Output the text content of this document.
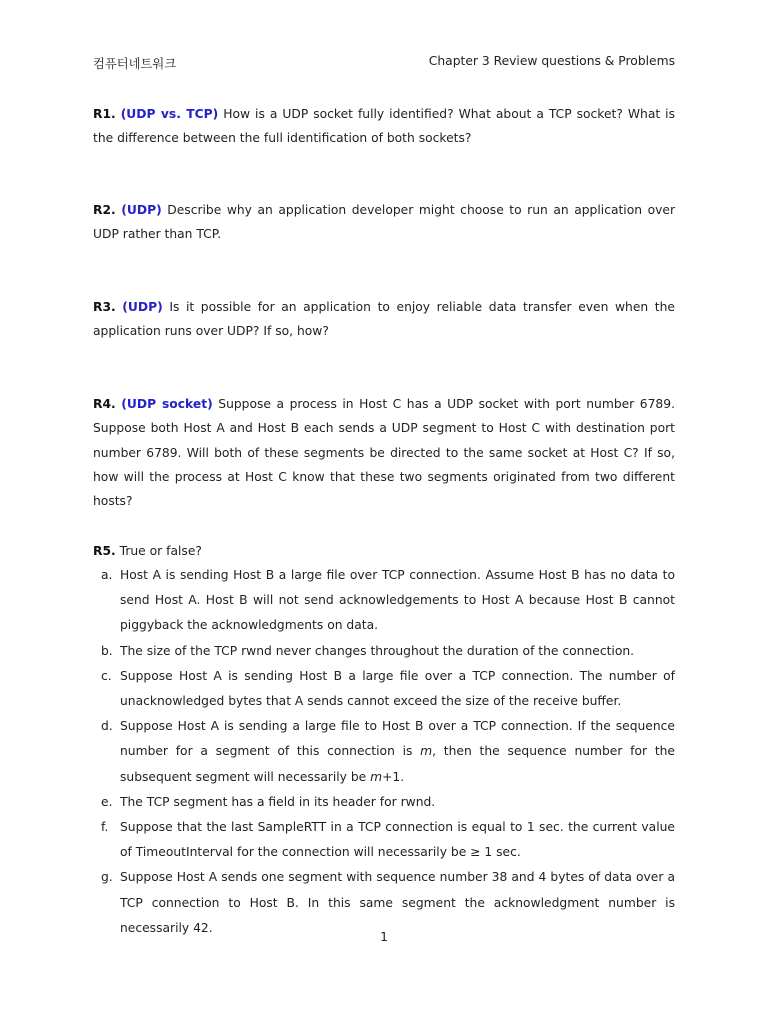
컴퓨터네트워크	Chapter 3 Review questions & Problems

R1. (UDP vs. TCP) How is a UDP socket fully identified? What about a TCP socket? What is the difference between the full identification of both sockets?

R2. (UDP) Describe why an application developer might choose to run an application over UDP rather than TCP.

R3. (UDP) Is it possible for an application to enjoy reliable data transfer even when the application runs over UDP? If so, how?

R4. (UDP socket) Suppose a process in Host C has a UDP socket with port number 6789. Suppose both Host A and Host B each sends a UDP segment to Host C with destination port number 6789. Will both of these segments be directed to the same socket at Host C? If so, how will the process at Host C know that these two segments originated from two different hosts?

R5. True or false?
a. Host A is sending Host B a large file over TCP connection. Assume Host B has no data to send Host A. Host B will not send acknowledgements to Host A because Host B cannot piggyback the acknowledgments on data.
b. The size of the TCP rwnd never changes throughout the duration of the connection.
c. Suppose Host A is sending Host B a large file over a TCP connection. The number of unacknowledged bytes that A sends cannot exceed the size of the receive buffer.
d. Suppose Host A is sending a large file to Host B over a TCP connection. If the sequence number for a segment of this connection is m, then the sequence number for the subsequent segment will necessarily be m+1.
e. The TCP segment has a field in its header for rwnd.
f. Suppose that the last SampleRTT in a TCP connection is equal to 1 sec. the current value of TimeoutInterval for the connection will necessarily be ≥ 1 sec.
g. Suppose Host A sends one segment with sequence number 38 and 4 bytes of data over a TCP connection to Host B. In this same segment the acknowledgment number is necessarily 42.
1
